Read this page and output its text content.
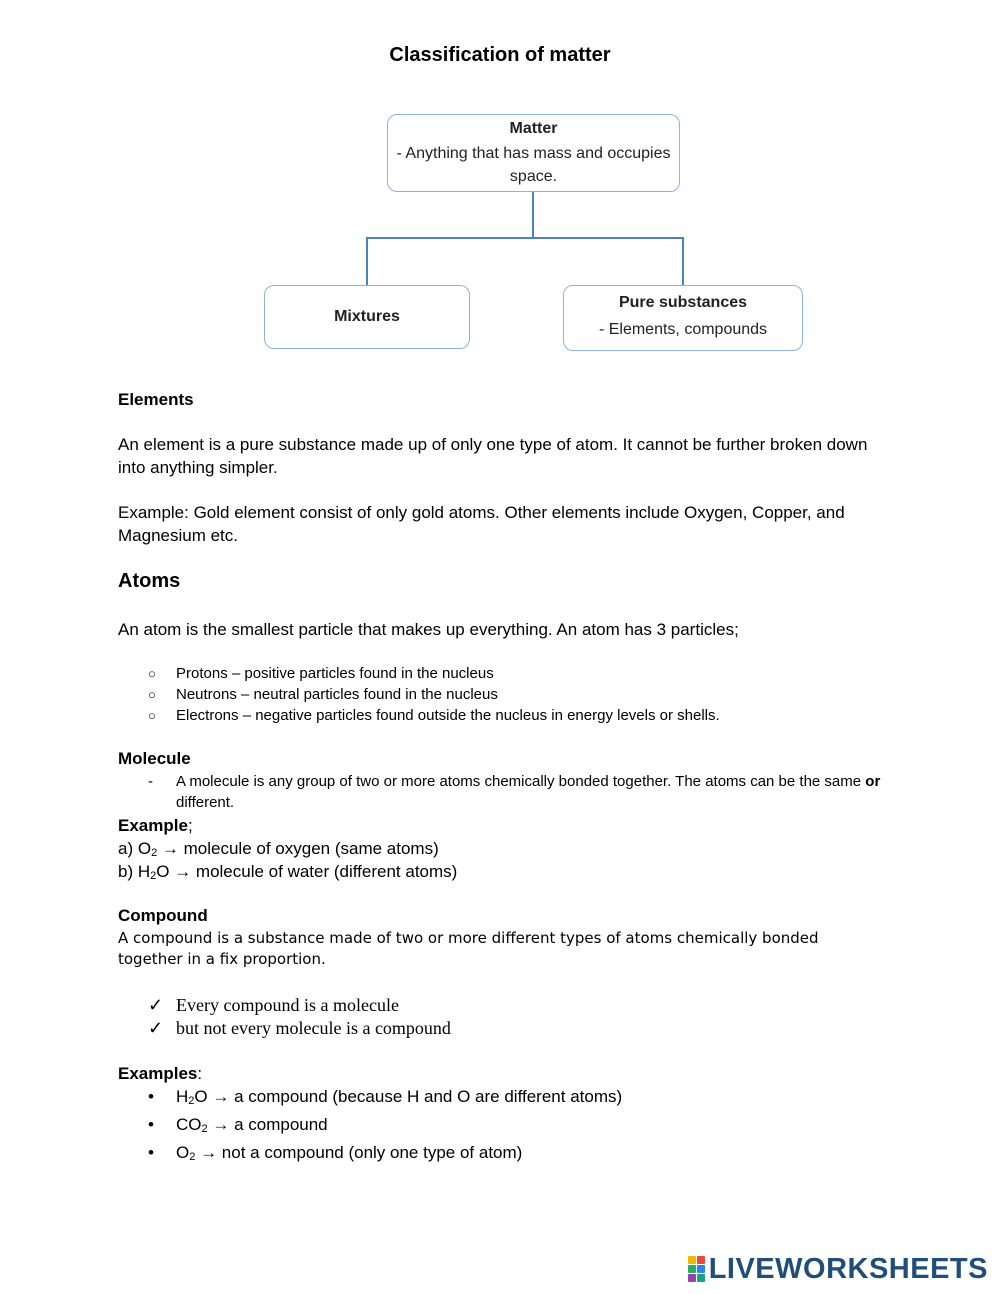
Classification of matter
Matter
- Anything that has mass and occupies space.
Mixtures
Pure substances
- Elements, compounds
Elements
An element is a pure substance made up of only one type of atom. It cannot be further broken down into anything simpler.
Example: Gold element consist of only gold atoms. Other elements include Oxygen, Copper, and Magnesium etc.
Atoms
An atom is the smallest particle that makes up everything. An atom has 3 particles;
○ Protons – positive particles found in the nucleus
○ Neutrons – neutral particles found in the nucleus
○ Electrons – negative particles found outside the nucleus in energy levels or shells.
Molecule
- A molecule is any group of two or more atoms chemically bonded together. The atoms can be the same or
different.
Example;
a) $O_2$ → molecule of oxygen (same atoms)
b) $H_2O$ → molecule of water (different atoms)
Compound
A compound is a substance made of two or more different types of atoms chemically bonded together in a fix proportion.
✓ Every compound is a molecule
✓ but not every molecule is a compound
Examples:
• $H_2O \to a$ compound (because H and O are different atoms)
• $CO_2 \to a$ compound
• $O_2$ → not a compound (only one type of atom)
LIVEWORKSHEETS
